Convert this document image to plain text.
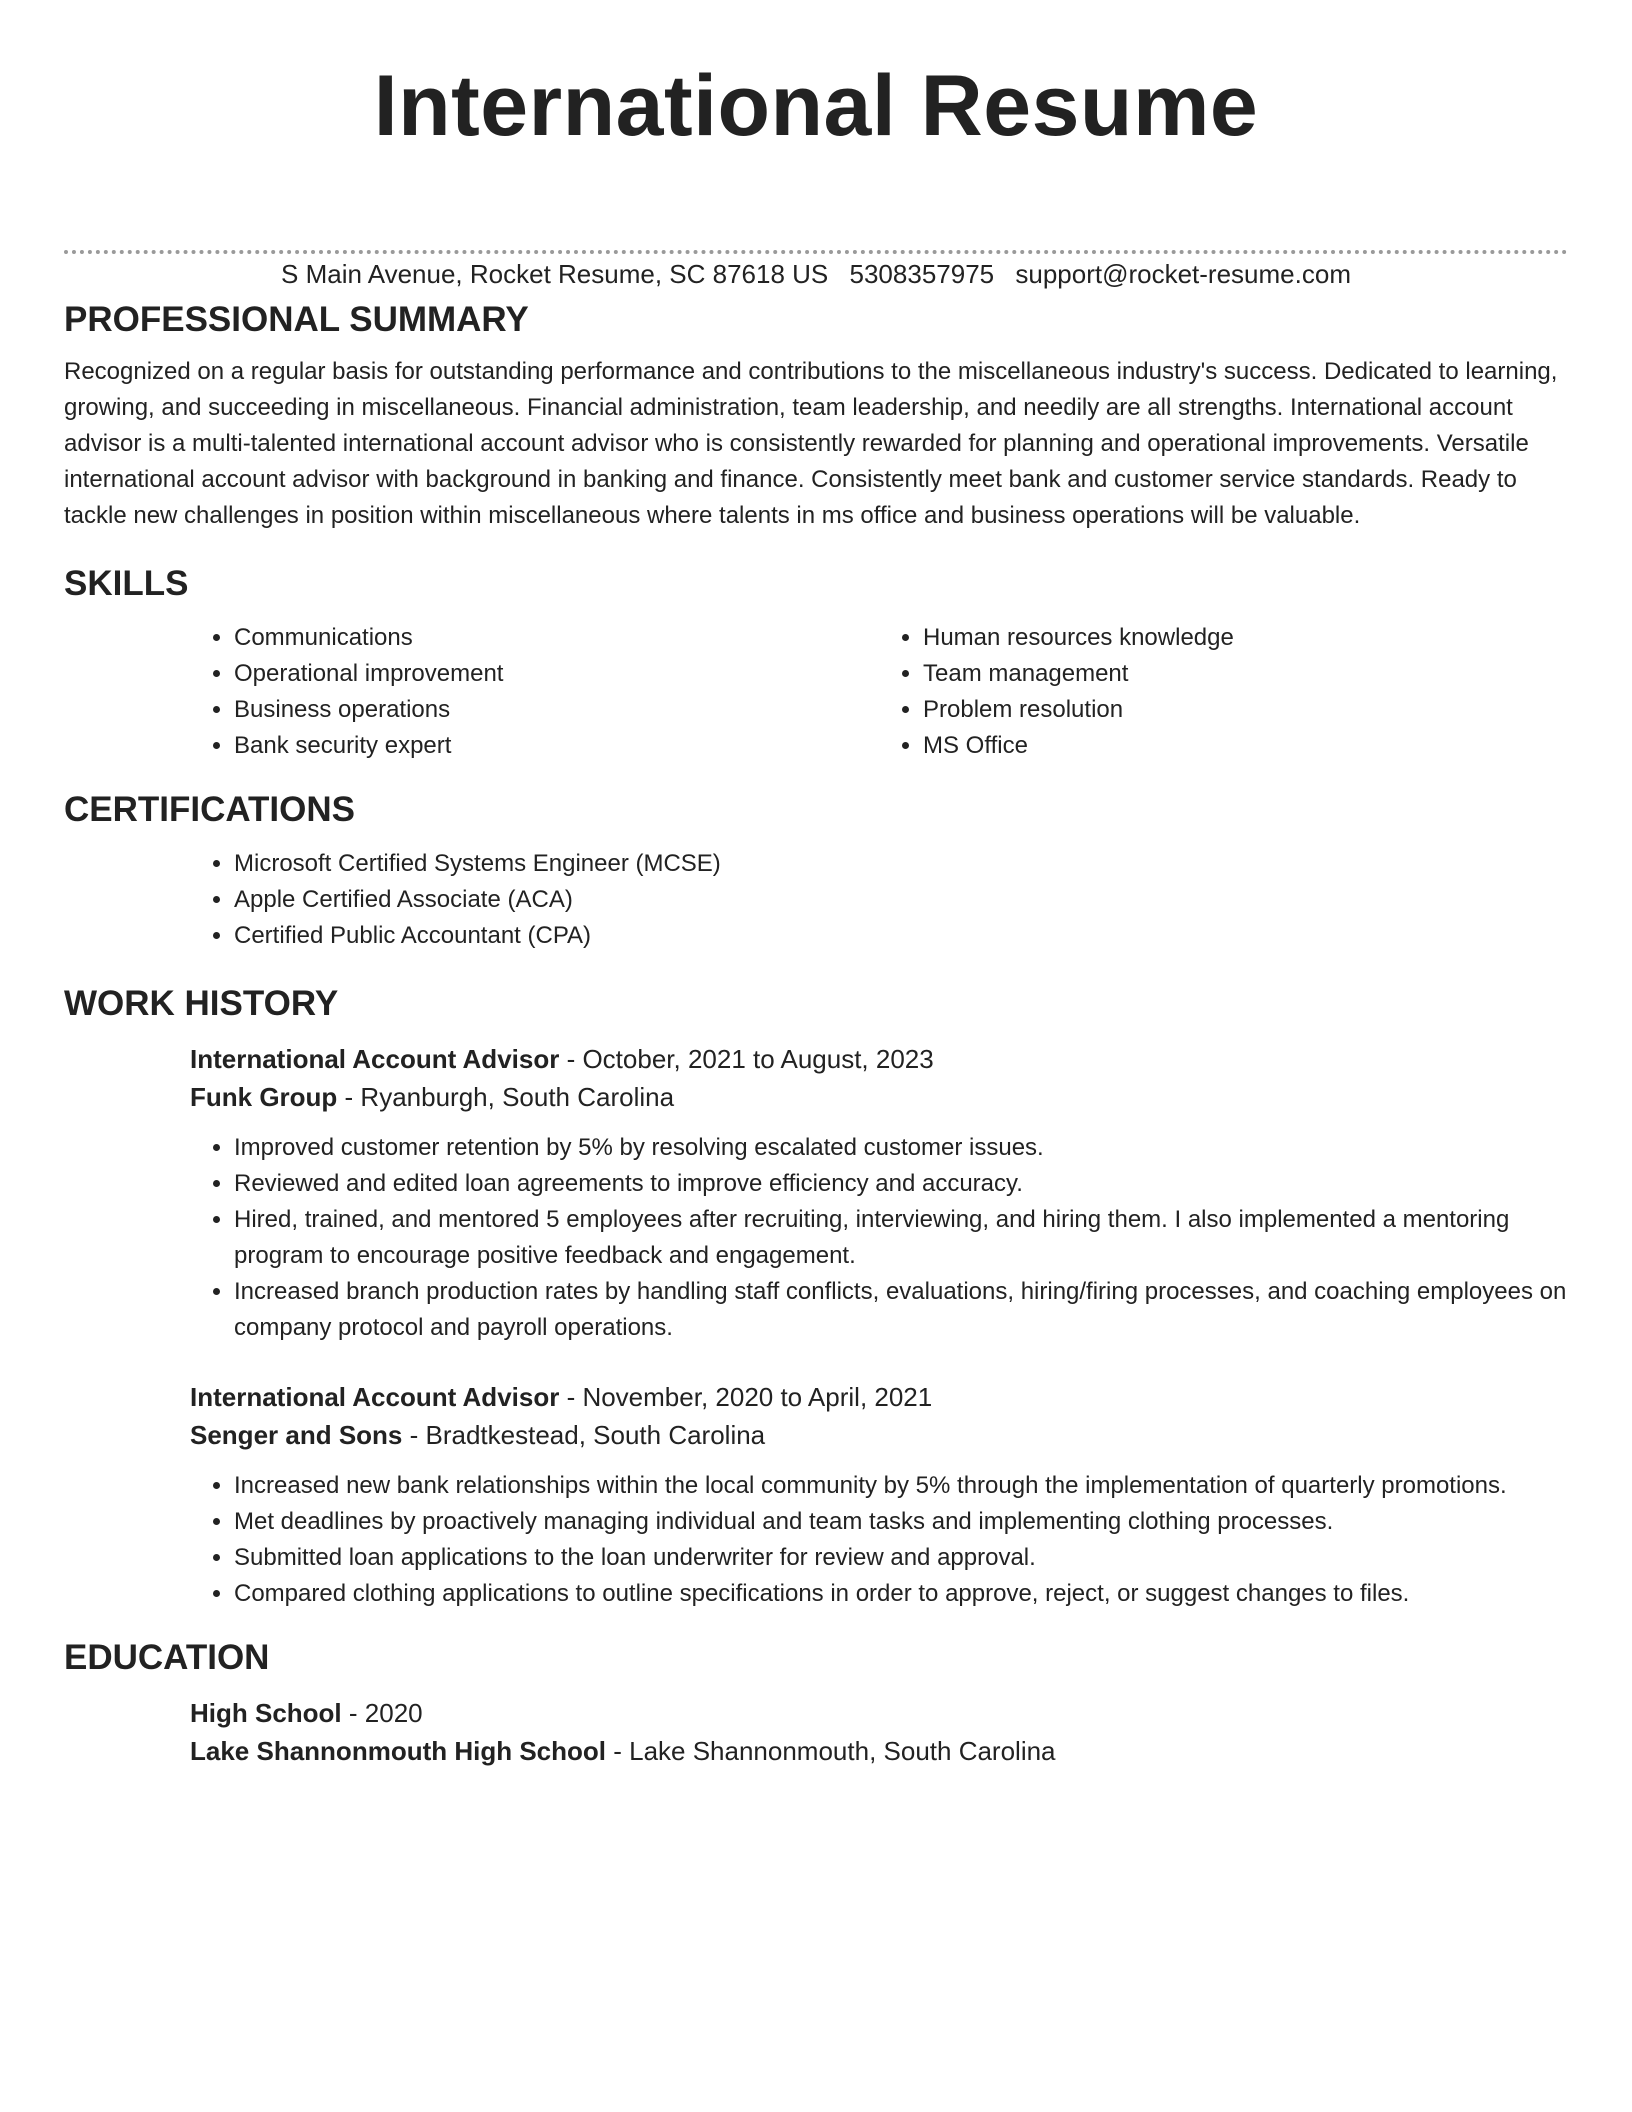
International Resume
S Main Avenue, Rocket Resume, SC 87618 US 5308357975 support@rocket-resume.com
PROFESSIONAL SUMMARY

Recognized on a regular basis for outstanding performance and contributions to the miscellaneous industry's success. Dedicated to learning, growing, and succeeding in miscellaneous. Financial administration, team leadership, and needily are all strengths. International account advisor is a multi-talented international account advisor who is consistently rewarded for planning and operational improvements. Versatile international account advisor with background in banking and finance. Consistently meet bank and customer service standards. Ready to tackle new challenges in position within miscellaneous where talents in ms office and business operations will be valuable.

SKILLS
• Communications
• Operational improvement
• Business operations
• Bank security expert
• Human resources knowledge
• Team management
• Problem resolution
• MS Office
CERTIFICATIONS
• Microsoft Certified Systems Engineer (MCSE)
• Apple Certified Associate (ACA)
• Certified Public Accountant (CPA)
WORK HISTORY

International Account Advisor - October, 2021 to August, 2023

Funk Group - Ryanburgh, South Carolina

• Improved customer retention by 5% by resolving escalated customer issues.
• Reviewed and edited loan agreements to improve efficiency and accuracy.
• Hired, trained, and mentored 5 employees after recruiting, interviewing, and hiring them. I also implemented a mentoring program to encourage positive feedback and engagement.
• Increased branch production rates by handling staff conflicts, evaluations, hiring/firing processes, and coaching employees on company protocol and payroll operations.

International Account Advisor - November, 2020 to April, 2021

Senger and Sons - Bradtkestead, South Carolina

• Increased new bank relationships within the local community by 5% through the implementation of quarterly promotions.
• Met deadlines by proactively managing individual and team tasks and implementing clothing processes.
• Submitted loan applications to the loan underwriter for review and approval.
• Compared clothing applications to outline specifications in order to approve, reject, or suggest changes to files.
EDUCATION

High School - 2020

Lake Shannonmouth High School - Lake Shannonmouth, South Carolina
